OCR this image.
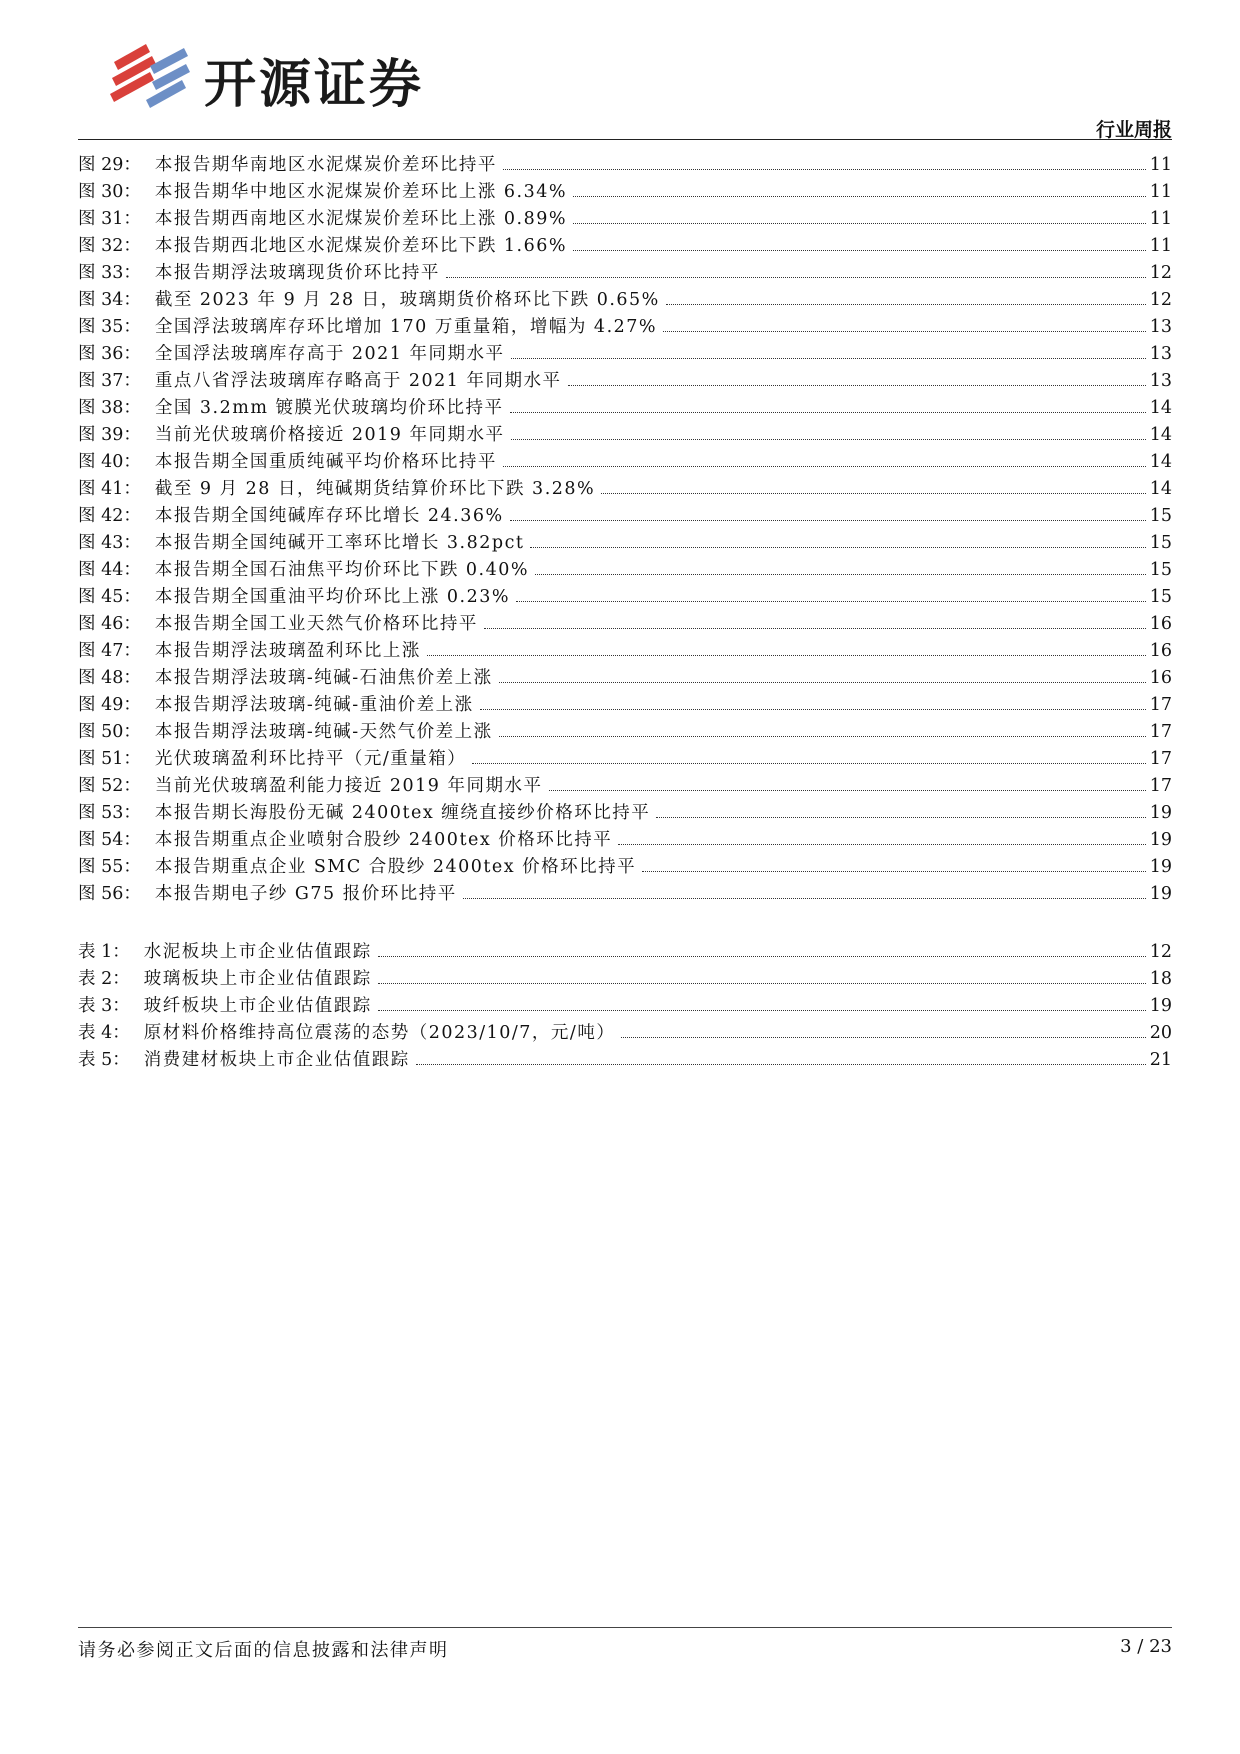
开源证券
行业周报
图 29 ： 本报告期华南地区水泥煤炭价差环比持平	11
图 30 ： 本报告期华中地区水泥煤炭价差环比上涨 6.34%	11
图 31 ： 本报告期西南地区水泥煤炭价差环比上涨 0.89%	11
图 32 ： 本报告期西北地区水泥煤炭价差环比下跌 1.66%	11
图 33 ： 本报告期浮法玻璃现货价环比持平	12
图 34 ： 截至 2023 年 9 月 28 日，玻璃期货价格环比下跌 0.65%	12
图 35 ： 全国浮法玻璃库存环比增加 170 万重量箱，增幅为 4.27%	13
图 36 ： 全国浮法玻璃库存高于 2021 年同期水平	13
图 37 ： 重点八省浮法玻璃库存略高于 2021 年同期水平	13
图 38 ： 全国 3.2mm 镀膜光伏玻璃均价环比持平	14
图 39 ： 当前光伏玻璃价格接近 2019 年同期水平	14
图 40 ： 本报告期全国重质纯碱平均价格环比持平	14
图 41 ： 截至 9 月 28 日，纯碱期货结算价环比下跌 3.28%	14
图 42 ： 本报告期全国纯碱库存环比增长 24.36%	15
图 43 ： 本报告期全国纯碱开工率环比增长 3.82pct	15
图 44 ： 本报告期全国石油焦平均价环比下跌 0.40%	15
图 45 ： 本报告期全国重油平均价环比上涨 0.23%	15
图 46 ： 本报告期全国工业天然气价格环比持平	16
图 47 ： 本报告期浮法玻璃盈利环比上涨	16
图 48 ： 本报告期浮法玻璃-纯碱-石油焦价差上涨	16
图 49 ： 本报告期浮法玻璃-纯碱-重油价差上涨	17
图 50 ： 本报告期浮法玻璃-纯碱-天然气价差上涨	17
图 51 ： 光伏玻璃盈利环比持平（元/重量箱）	17
图 52 ： 当前光伏玻璃盈利能力接近 2019 年同期水平	17
图 53 ： 本报告期长海股份无碱 2400tex 缠绕直接纱价格环比持平	19
图 54 ： 本报告期重点企业喷射合股纱 2400tex 价格环比持平	19
图 55 ： 本报告期重点企业 SMC 合股纱 2400tex 价格环比持平	19
图 56 ： 本报告期电子纱 G75 报价环比持平	19
表 1 ： 水泥板块上市企业估值跟踪	12
表 2 ： 玻璃板块上市企业估值跟踪	18
表 3 ： 玻纤板块上市企业估值跟踪	19
表 4 ： 原材料价格维持高位震荡的态势（2023/10/7，元/吨）	20
表 5 ： 消费建材板块上市企业估值跟踪	21
请务必参阅正文后面的信息披露和法律声明	3 / 23
